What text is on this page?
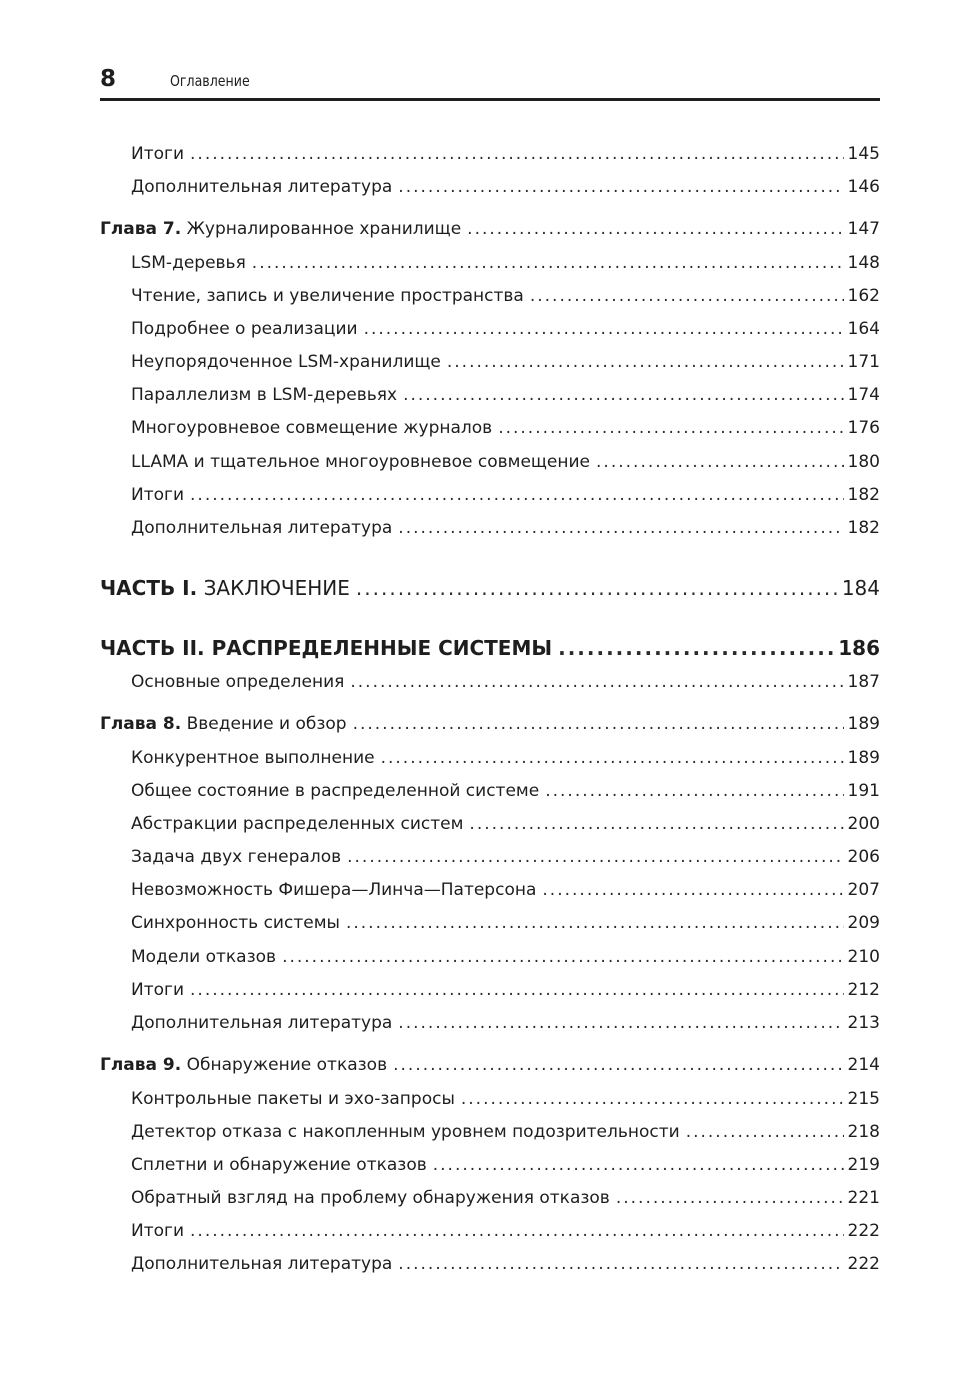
8	Оглавление
Итоги .....	145
Дополнительная литература .....	146
Глава 7. Журналированное хранилище .....	147
LSM-деревья .....	148
Чтение, запись и увеличение пространства .....	162
Подробнее о реализации .....	164
Неупорядоченное LSM-хранилище .....	171
Параллелизм в LSM-деревьях .....	174
Многоуровневое совмещение журналов .....	176
LLAMA и тщательное многоуровневое совмещение .....	180
Итоги .....	182
Дополнительная литература .....	182
ЧАСТЬ I. ЗАКЛЮЧЕНИЕ .....	184
ЧАСТЬ II. РАСПРЕДЕЛЕННЫЕ СИСТЕМЫ .....	186
Основные определения .....	187
Глава 8. Введение и обзор .....	189
Конкурентное выполнение .....	189
Общее состояние в распределенной системе .....	191
Абстракции распределенных систем .....	200
Задача двух генералов .....	206
Невозможность Фишера—Линча—Патерсона .....	207
Синхронность системы .....	209
Модели отказов .....	210
Итоги .....	212
Дополнительная литература .....	213
Глава 9. Обнаружение отказов .....	214
Контрольные пакеты и эхо-запросы .....	215
Детектор отказа с накопленным уровнем подозрительности .....	218
Сплетни и обнаружение отказов .....	219
Обратный взгляд на проблему обнаружения отказов .....	221
Итоги .....	222
Дополнительная литература .....	222
